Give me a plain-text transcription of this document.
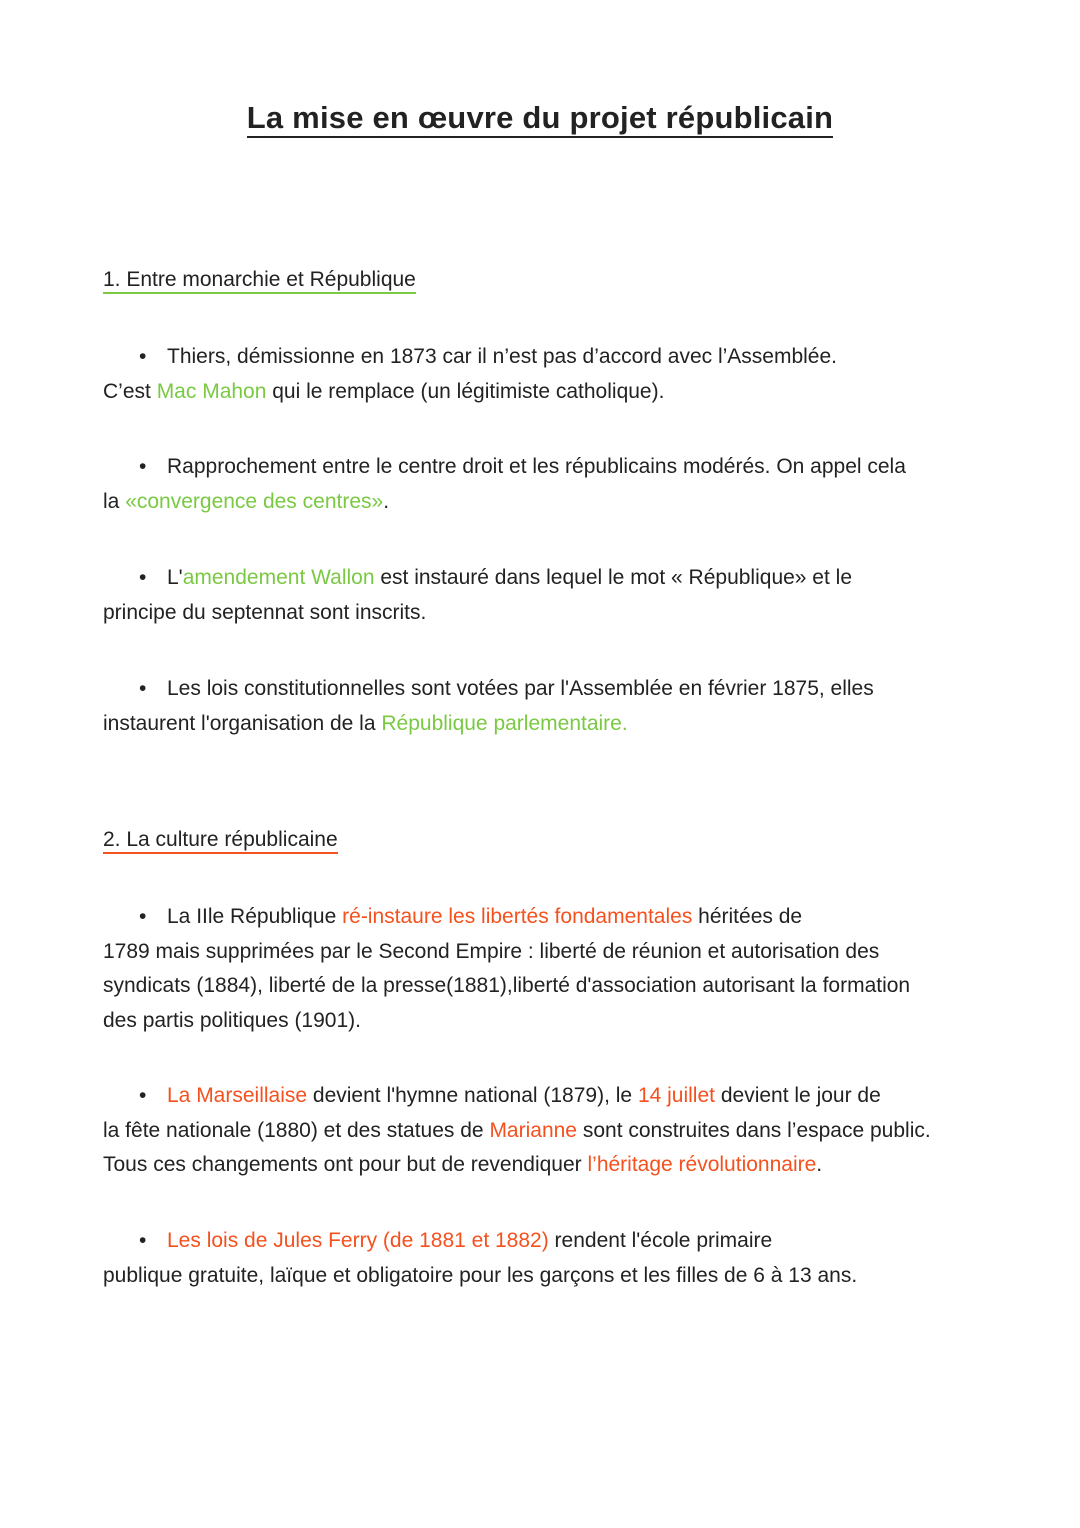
La mise en œuvre du projet républicain
1. Entre monarchie et République

• Thiers, démissionne en 1873 car il n’est pas d’accord avec l’Assemblée.
C’est Mac Mahon qui le remplace (un légitimiste catholique).

• Rapprochement entre le centre droit et les républicains modérés. On appel cela
la «convergence des centres».

• L'amendement Wallon est instauré dans lequel le mot « République» et le
principe du septennat sont inscrits.

• Les lois constitutionnelles sont votées par l'Assemblée en février 1875, elles
instaurent l'organisation de la République parlementaire.

2. La culture républicaine

• La IIle République ré-instaure les libertés fondamentales héritées de
1789 mais supprimées par le Second Empire : liberté de réunion et autorisation des
syndicats (1884), liberté de la presse(1881),liberté d'association autorisant la formation
des partis politiques (1901).

• La Marseillaise devient l'hymne national (1879), le 14 juillet devient le jour de
la fête nationale (1880) et des statues de Marianne sont construites dans l’espace public.
Tous ces changements ont pour but de revendiquer l’héritage révolutionnaire.

• Les lois de Jules Ferry (de 1881 et 1882) rendent l'école primaire
publique gratuite, laïque et obligatoire pour les garçons et les filles de 6 à 13 ans.
